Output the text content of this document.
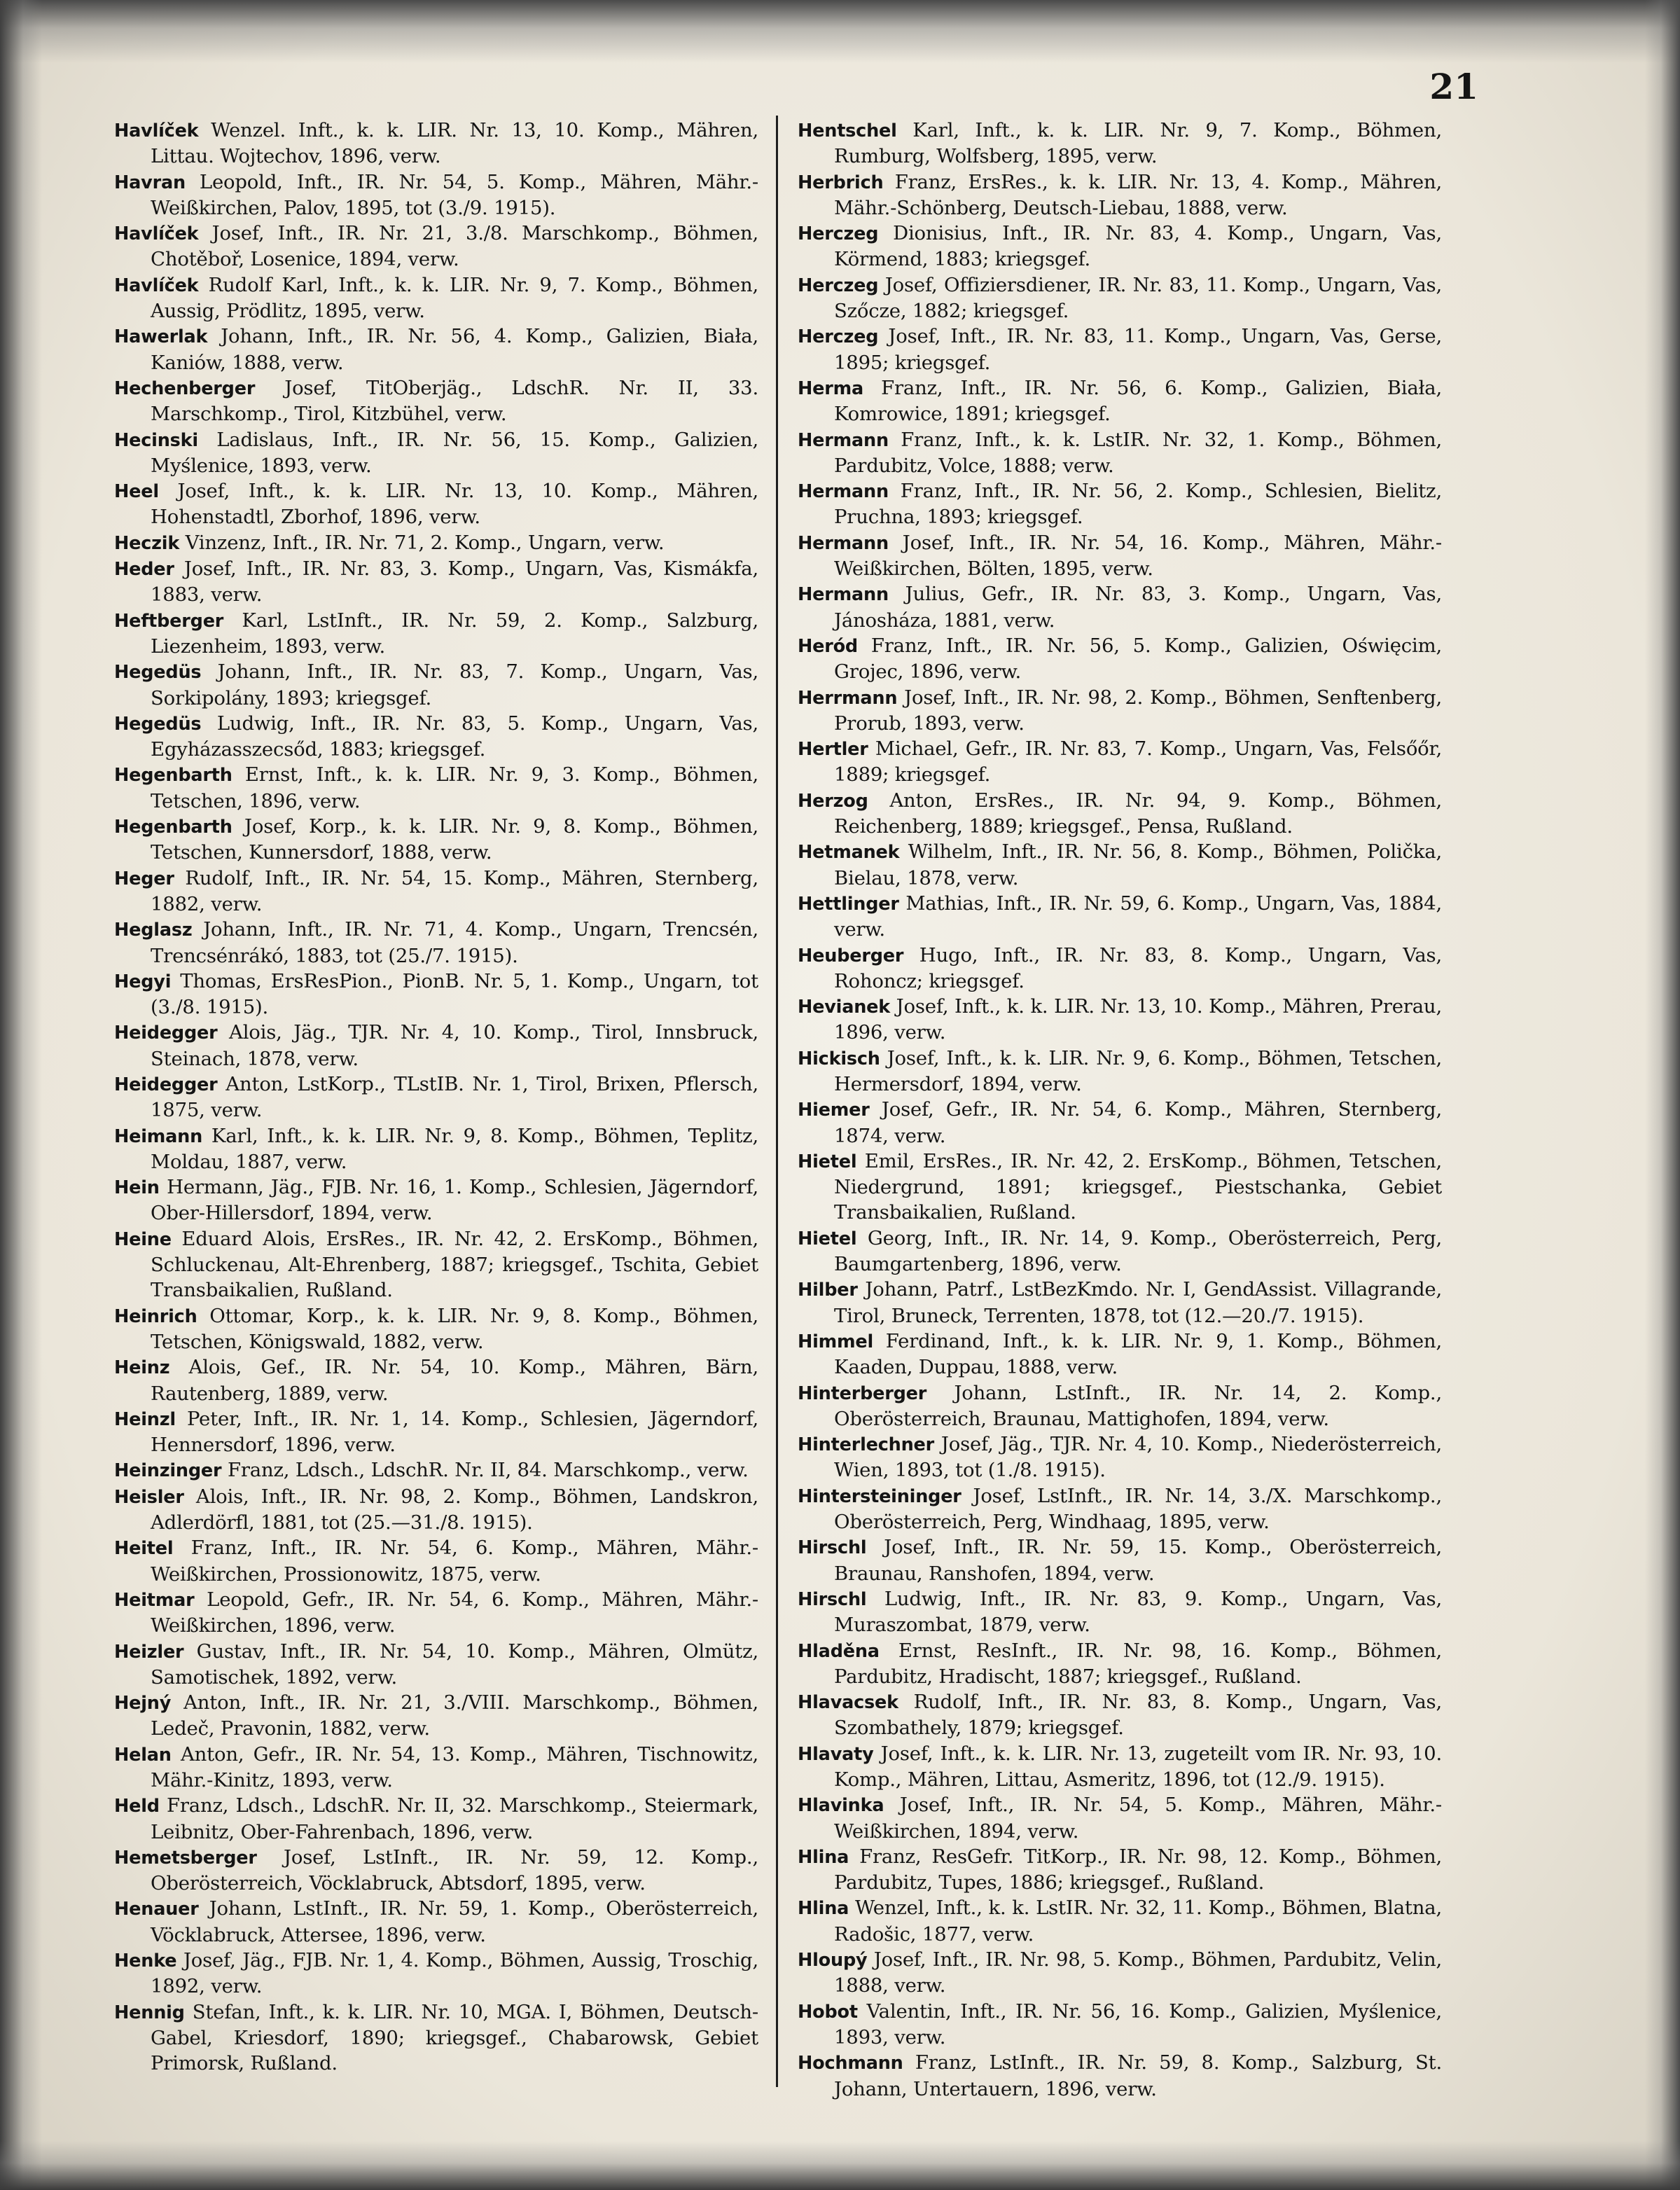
21

Havlíček Wenzel. Inft., k. k. LIR. Nr. 13, 10. Komp., Mähren, Littau. Wojtechov, 1896, verw.

Havran Leopold, Inft., IR. Nr. 54, 5. Komp., Mähren, Mähr.-Weißkirchen, Palov, 1895, tot (3./9. 1915).

Havlíček Josef, Inft., IR. Nr. 21, 3./8. Marschkomp., Böhmen, Chotěboř, Losenice, 1894, verw.

Havlíček Rudolf Karl, Inft., k. k. LIR. Nr. 9, 7. Komp., Böhmen, Aussig, Prödlitz, 1895, verw.

Hawerlak Johann, Inft., IR. Nr. 56, 4. Komp., Galizien, Biała, Kaniów, 1888, verw.

Hechenberger Josef, TitOberjäg., LdschR. Nr. II, 33. Marschkomp., Tirol, Kitzbühel, verw.

Hecinski Ladislaus, Inft., IR. Nr. 56, 15. Komp., Galizien, Myślenice, 1893, verw.

Heel Josef, Inft., k. k. LIR. Nr. 13, 10. Komp., Mähren, Hohenstadtl, Zborhof, 1896, verw.

Heczik Vinzenz, Inft., IR. Nr. 71, 2. Komp., Ungarn, verw.

Heder Josef, Inft., IR. Nr. 83, 3. Komp., Ungarn, Vas, Kismákfa, 1883, verw.

Heftberger Karl, LstInft., IR. Nr. 59, 2. Komp., Salzburg, Liezenheim, 1893, verw.

Hegedüs Johann, Inft., IR. Nr. 83, 7. Komp., Ungarn, Vas, Sorkipolány, 1893; kriegsgef.

Hegedüs Ludwig, Inft., IR. Nr. 83, 5. Komp., Ungarn, Vas, Egyházasszecsőd, 1883; kriegsgef.

Hegenbarth Ernst, Inft., k. k. LIR. Nr. 9, 3. Komp., Böhmen, Tetschen, 1896, verw.

Hegenbarth Josef, Korp., k. k. LIR. Nr. 9, 8. Komp., Böhmen, Tetschen, Kunnersdorf, 1888, verw.

Heger Rudolf, Inft., IR. Nr. 54, 15. Komp., Mähren, Sternberg, 1882, verw.

Heglasz Johann, Inft., IR. Nr. 71, 4. Komp., Ungarn, Trencsén, Trencsénrákó, 1883, tot (25./7. 1915).

Hegyi Thomas, ErsResPion., PionB. Nr. 5, 1. Komp., Ungarn, tot (3./8. 1915).

Heidegger Alois, Jäg., TJR. Nr. 4, 10. Komp., Tirol, Innsbruck, Steinach, 1878, verw.

Heidegger Anton, LstKorp., TLstIB. Nr. 1, Tirol, Brixen, Pflersch, 1875, verw.

Heimann Karl, Inft., k. k. LIR. Nr. 9, 8. Komp., Böhmen, Teplitz, Moldau, 1887, verw.

Hein Hermann, Jäg., FJB. Nr. 16, 1. Komp., Schlesien, Jägerndorf, Ober-Hillersdorf, 1894, verw.

Heine Eduard Alois, ErsRes., IR. Nr. 42, 2. ErsKomp., Böhmen, Schluckenau, Alt-Ehrenberg, 1887; kriegsgef., Tschita, Gebiet Transbaikalien, Rußland.

Heinrich Ottomar, Korp., k. k. LIR. Nr. 9, 8. Komp., Böhmen, Tetschen, Königswald, 1882, verw.

Heinz Alois, Gef., IR. Nr. 54, 10. Komp., Mähren, Bärn, Rautenberg, 1889, verw.

Heinzl Peter, Inft., IR. Nr. 1, 14. Komp., Schlesien, Jägerndorf, Hennersdorf, 1896, verw.

Heinzinger Franz, Ldsch., LdschR. Nr. II, 84. Marschkomp., verw.

Heisler Alois, Inft., IR. Nr. 98, 2. Komp., Böhmen, Landskron, Adlerdörfl, 1881, tot (25.—31./8. 1915).

Heitel Franz, Inft., IR. Nr. 54, 6. Komp., Mähren, Mähr.-Weißkirchen, Prossionowitz, 1875, verw.

Heitmar Leopold, Gefr., IR. Nr. 54, 6. Komp., Mähren, Mähr.-Weißkirchen, 1896, verw.

Heizler Gustav, Inft., IR. Nr. 54, 10. Komp., Mähren, Olmütz, Samotischek, 1892, verw.

Hejný Anton, Inft., IR. Nr. 21, 3./VIII. Marschkomp., Böhmen, Ledeč, Pravonin, 1882, verw.

Helan Anton, Gefr., IR. Nr. 54, 13. Komp., Mähren, Tischnowitz, Mähr.-Kinitz, 1893, verw.

Held Franz, Ldsch., LdschR. Nr. II, 32. Marschkomp., Steiermark, Leibnitz, Ober-Fahrenbach, 1896, verw.

Hemetsberger Josef, LstInft., IR. Nr. 59, 12. Komp., Oberösterreich, Vöcklabruck, Abtsdorf, 1895, verw.

Henauer Johann, LstInft., IR. Nr. 59, 1. Komp., Oberösterreich, Vöcklabruck, Attersee, 1896, verw.

Henke Josef, Jäg., FJB. Nr. 1, 4. Komp., Böhmen, Aussig, Troschig, 1892, verw.

Hennig Stefan, Inft., k. k. LIR. Nr. 10, MGA. I, Böhmen, Deutsch-Gabel, Kriesdorf, 1890; kriegsgef., Chabarowsk, Gebiet Primorsk, Rußland.

Hentschel Karl, Inft., k. k. LIR. Nr. 9, 7. Komp., Böhmen, Rumburg, Wolfsberg, 1895, verw.

Herbrich Franz, ErsRes., k. k. LIR. Nr. 13, 4. Komp., Mähren, Mähr.-Schönberg, Deutsch-Liebau, 1888, verw.

Herczeg Dionisius, Inft., IR. Nr. 83, 4. Komp., Ungarn, Vas, Körmend, 1883; kriegsgef.

Herczeg Josef, Offiziersdiener, IR. Nr. 83, 11. Komp., Ungarn, Vas, Szőcze, 1882; kriegsgef.

Herczeg Josef, Inft., IR. Nr. 83, 11. Komp., Ungarn, Vas, Gerse, 1895; kriegsgef.

Herma Franz, Inft., IR. Nr. 56, 6. Komp., Galizien, Biała, Komrowice, 1891; kriegsgef.

Hermann Franz, Inft., k. k. LstIR. Nr. 32, 1. Komp., Böhmen, Pardubitz, Volce, 1888; verw.

Hermann Franz, Inft., IR. Nr. 56, 2. Komp., Schlesien, Bielitz, Pruchna, 1893; kriegsgef.

Hermann Josef, Inft., IR. Nr. 54, 16. Komp., Mähren, Mähr.-Weißkirchen, Bölten, 1895, verw.

Hermann Julius, Gefr., IR. Nr. 83, 3. Komp., Ungarn, Vas, Jánosháza, 1881, verw.

Heród Franz, Inft., IR. Nr. 56, 5. Komp., Galizien, Oświęcim, Grojec, 1896, verw.

Herrmann Josef, Inft., IR. Nr. 98, 2. Komp., Böhmen, Senftenberg, Prorub, 1893, verw.

Hertler Michael, Gefr., IR. Nr. 83, 7. Komp., Ungarn, Vas, Felsőőr, 1889; kriegsgef.

Herzog Anton, ErsRes., IR. Nr. 94, 9. Komp., Böhmen, Reichenberg, 1889; kriegsgef., Pensa, Rußland.

Hetmanek Wilhelm, Inft., IR. Nr. 56, 8. Komp., Böhmen, Polička, Bielau, 1878, verw.

Hettlinger Mathias, Inft., IR. Nr. 59, 6. Komp., Ungarn, Vas, 1884, verw.

Heuberger Hugo, Inft., IR. Nr. 83, 8. Komp., Ungarn, Vas, Rohoncz; kriegsgef.

Hevianek Josef, Inft., k. k. LIR. Nr. 13, 10. Komp., Mähren, Prerau, 1896, verw.

Hickisch Josef, Inft., k. k. LIR. Nr. 9, 6. Komp., Böhmen, Tetschen, Hermersdorf, 1894, verw.

Hiemer Josef, Gefr., IR. Nr. 54, 6. Komp., Mähren, Sternberg, 1874, verw.

Hietel Emil, ErsRes., IR. Nr. 42, 2. ErsKomp., Böhmen, Tetschen, Niedergrund, 1891; kriegsgef., Piestschanka, Gebiet Transbaikalien, Rußland.

Hietel Georg, Inft., IR. Nr. 14, 9. Komp., Oberösterreich, Perg, Baumgartenberg, 1896, verw.

Hilber Johann, Patrf., LstBezKmdo. Nr. I, GendAssist. Villagrande, Tirol, Bruneck, Terrenten, 1878, tot (12.—20./7. 1915).

Himmel Ferdinand, Inft., k. k. LIR. Nr. 9, 1. Komp., Böhmen, Kaaden, Duppau, 1888, verw.

Hinterberger Johann, LstInft., IR. Nr. 14, 2. Komp., Oberösterreich, Braunau, Mattighofen, 1894, verw.

Hinterlechner Josef, Jäg., TJR. Nr. 4, 10. Komp., Niederösterreich, Wien, 1893, tot (1./8. 1915).

Hintersteininger Josef, LstInft., IR. Nr. 14, 3./X. Marschkomp., Oberösterreich, Perg, Windhaag, 1895, verw.

Hirschl Josef, Inft., IR. Nr. 59, 15. Komp., Oberösterreich, Braunau, Ranshofen, 1894, verw.

Hirschl Ludwig, Inft., IR. Nr. 83, 9. Komp., Ungarn, Vas, Muraszombat, 1879, verw.

Hladěna Ernst, ResInft., IR. Nr. 98, 16. Komp., Böhmen, Pardubitz, Hradischt, 1887; kriegsgef., Rußland.

Hlavacsek Rudolf, Inft., IR. Nr. 83, 8. Komp., Ungarn, Vas, Szombathely, 1879; kriegsgef.

Hlavaty Josef, Inft., k. k. LIR. Nr. 13, zugeteilt vom IR. Nr. 93, 10. Komp., Mähren, Littau, Asmeritz, 1896, tot (12./9. 1915).

Hlavinka Josef, Inft., IR. Nr. 54, 5. Komp., Mähren, Mähr.-Weißkirchen, 1894, verw.

Hlina Franz, ResGefr. TitKorp., IR. Nr. 98, 12. Komp., Böhmen, Pardubitz, Tupes, 1886; kriegsgef., Rußland.

Hlina Wenzel, Inft., k. k. LstIR. Nr. 32, 11. Komp., Böhmen, Blatna, Radošic, 1877, verw.

Hloupý Josef, Inft., IR. Nr. 98, 5. Komp., Böhmen, Pardubitz, Velin, 1888, verw.

Hobot Valentin, Inft., IR. Nr. 56, 16. Komp., Galizien, Myślenice, 1893, verw.

Hochmann Franz, LstInft., IR. Nr. 59, 8. Komp., Salzburg, St. Johann, Untertauern, 1896, verw.
